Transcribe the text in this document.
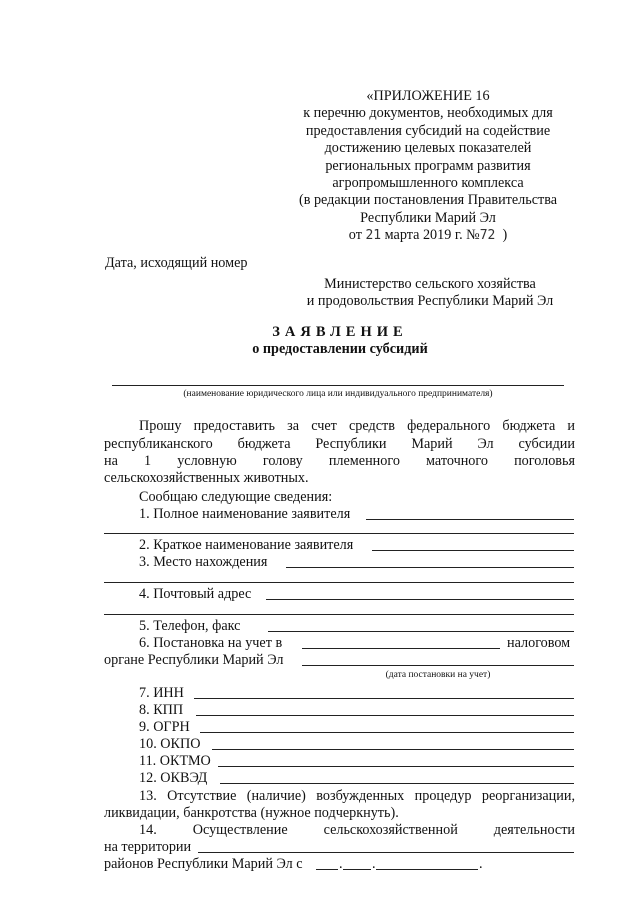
«ПРИЛОЖЕНИЕ 16
к перечню документов, необходимых для
предоставления субсидий на содействие
достижению целевых показателей
региональных программ развития
агропромышленного комплекса
(в редакции постановления Правительства
Республики Марий Эл
от 21 марта 2019 г. №72 )
Дата, исходящий номер
Министерство сельского хозяйства
и продовольствия Республики Марий Эл
ЗАЯВЛЕНИЕ
о предоставлении субсидий
(наименование юридического лица или индивидуального предпринимателя)
Прошу предоставить за счет средств федерального бюджета и
республиканского бюджета Республики Марий Эл субсидии
на 1 условную голову племенного маточного поголовья
сельскохозяйственных животных.
Сообщаю следующие сведения:
1. Полное наименование заявителя
2. Краткое наименование заявителя
3. Место нахождения
4. Почтовый адрес
5. Телефон, факс
6. Постановка на учет в	налоговом
органе Республики Марий Эл
(дата постановки на учет)
7. ИНН
8. КПП
9. ОГРН
10. ОКПО
11. ОКТМО
12. ОКВЭД
13. Отсутствие (наличие) возбужденных процедур реорганизации,
ликвидации, банкротства (нужное подчеркнуть).
14. Осуществление сельскохозяйственной деятельности
на территории
районов Республики Марий Эл с	. .	.
